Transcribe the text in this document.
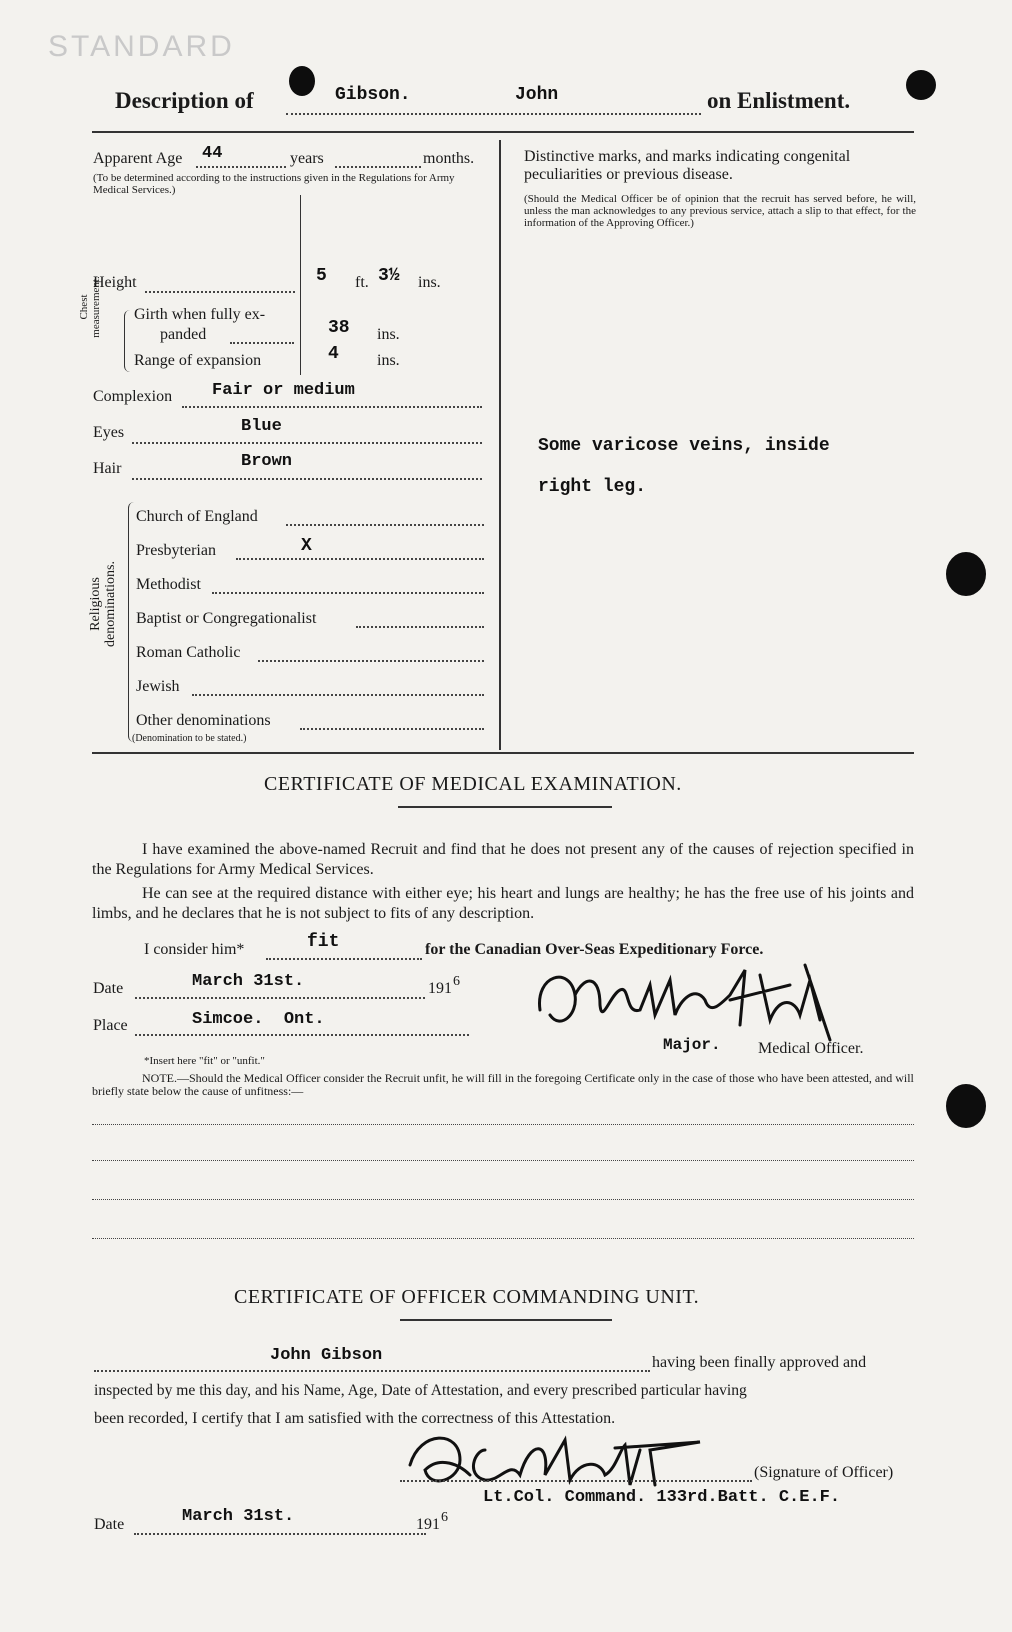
STANDARD
Description of	Gibson.	John	on Enlistment.
Apparent Age 44	years	months.
(To be determined according to the instructions given in the Regulations for Army Medical Services.)
Height	5 ft. 3½ ins.
Chest measurement. Girth when fully ex-
panded	38 ins.
Range of expansion	4 ins.
Complexion Fair or medium
Eyes	Blue
Hair	Brown
Religious denominations.
Church of England
Presbyterian	X
Methodist
Baptist or Congregationalist
Roman Catholic
Jewish
Other denominations
(Denomination to be stated.)
Distinctive marks, and marks indicating congenital peculiarities or previous disease.
(Should the Medical Officer be of opinion that the recruit has served before, he will, unless the man acknowledges to any previous service, attach a slip to that effect, for the information of the Approving Officer.)
Some varicose veins, inside
right leg.
CERTIFICATE OF MEDICAL EXAMINATION.
I have examined the above-named Recruit and find that he does not present any of the causes of rejection specified in the Regulations for Army Medical Services.
He can see at the required distance with either eye; his heart and lungs are healthy; he has the free use of his joints and limbs, and he declares that he is not subject to fits of any description.
I consider him*	fit	for the Canadian Over-Seas Expeditionary Force.
Date	March 31st.	191 6
Place	Simcoe.  Ont.
Major. Medical Officer.
*Insert here "fit" or "unfit."
NOTE.—Should the Medical Officer consider the Recruit unfit, he will fill in the foregoing Certificate only in the case of those who have been attested, and will briefly state below the cause of unfitness:—
CERTIFICATE OF OFFICER COMMANDING UNIT.
John Gibson	having been finally approved and
inspected by me this day, and his Name, Age, Date of Attestation, and every prescribed particular having
been recorded, I certify that I am satisfied with the correctness of this Attestation.
(Signature of Officer)
Date	March 31st.	191 6
Lt.Col. Command. 133rd.Batt. C.E.F.
